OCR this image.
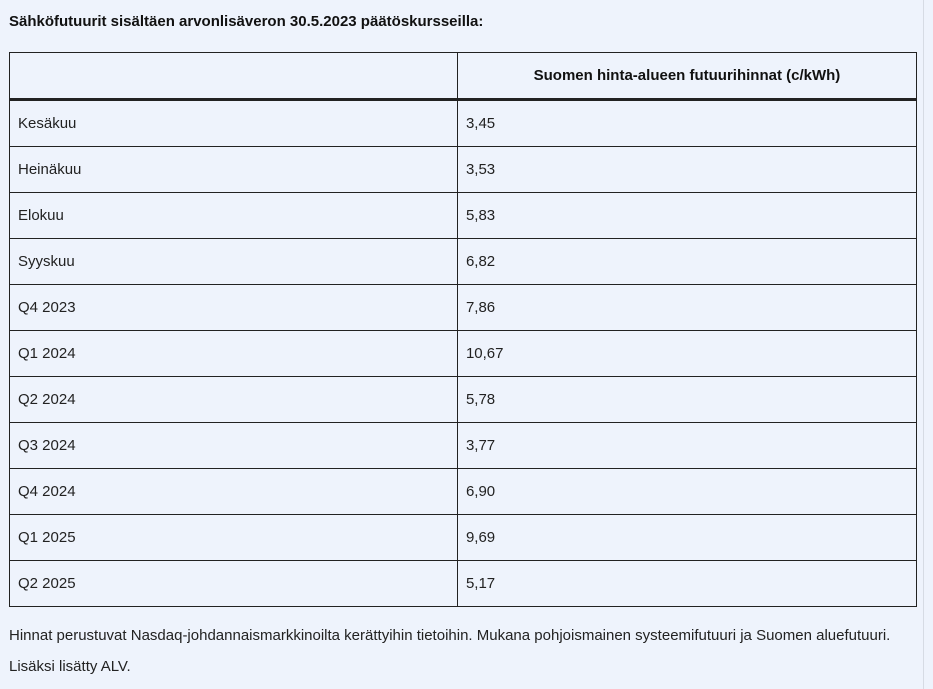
Sähköfutuurit sisältäen arvonlisäveron 30.5.2023 päätöskursseilla:

	Suomen hinta-alueen futuurihinnat (c/kWh)
Kesäkuu	3,45
Heinäkuu	3,53
Elokuu	5,83
Syyskuu	6,82
Q4 2023	7,86
Q1 2024	10,67
Q2 2024	5,78
Q3 2024	3,77
Q4 2024	6,90
Q1 2025	9,69
Q2 2025	5,17

Hinnat perustuvat Nasdaq-johdannaismarkkinoilta kerättyihin tietoihin. Mukana pohjoismainen systeemifutuuri ja Suomen aluefutuuri. Lisäksi lisätty ALV.
